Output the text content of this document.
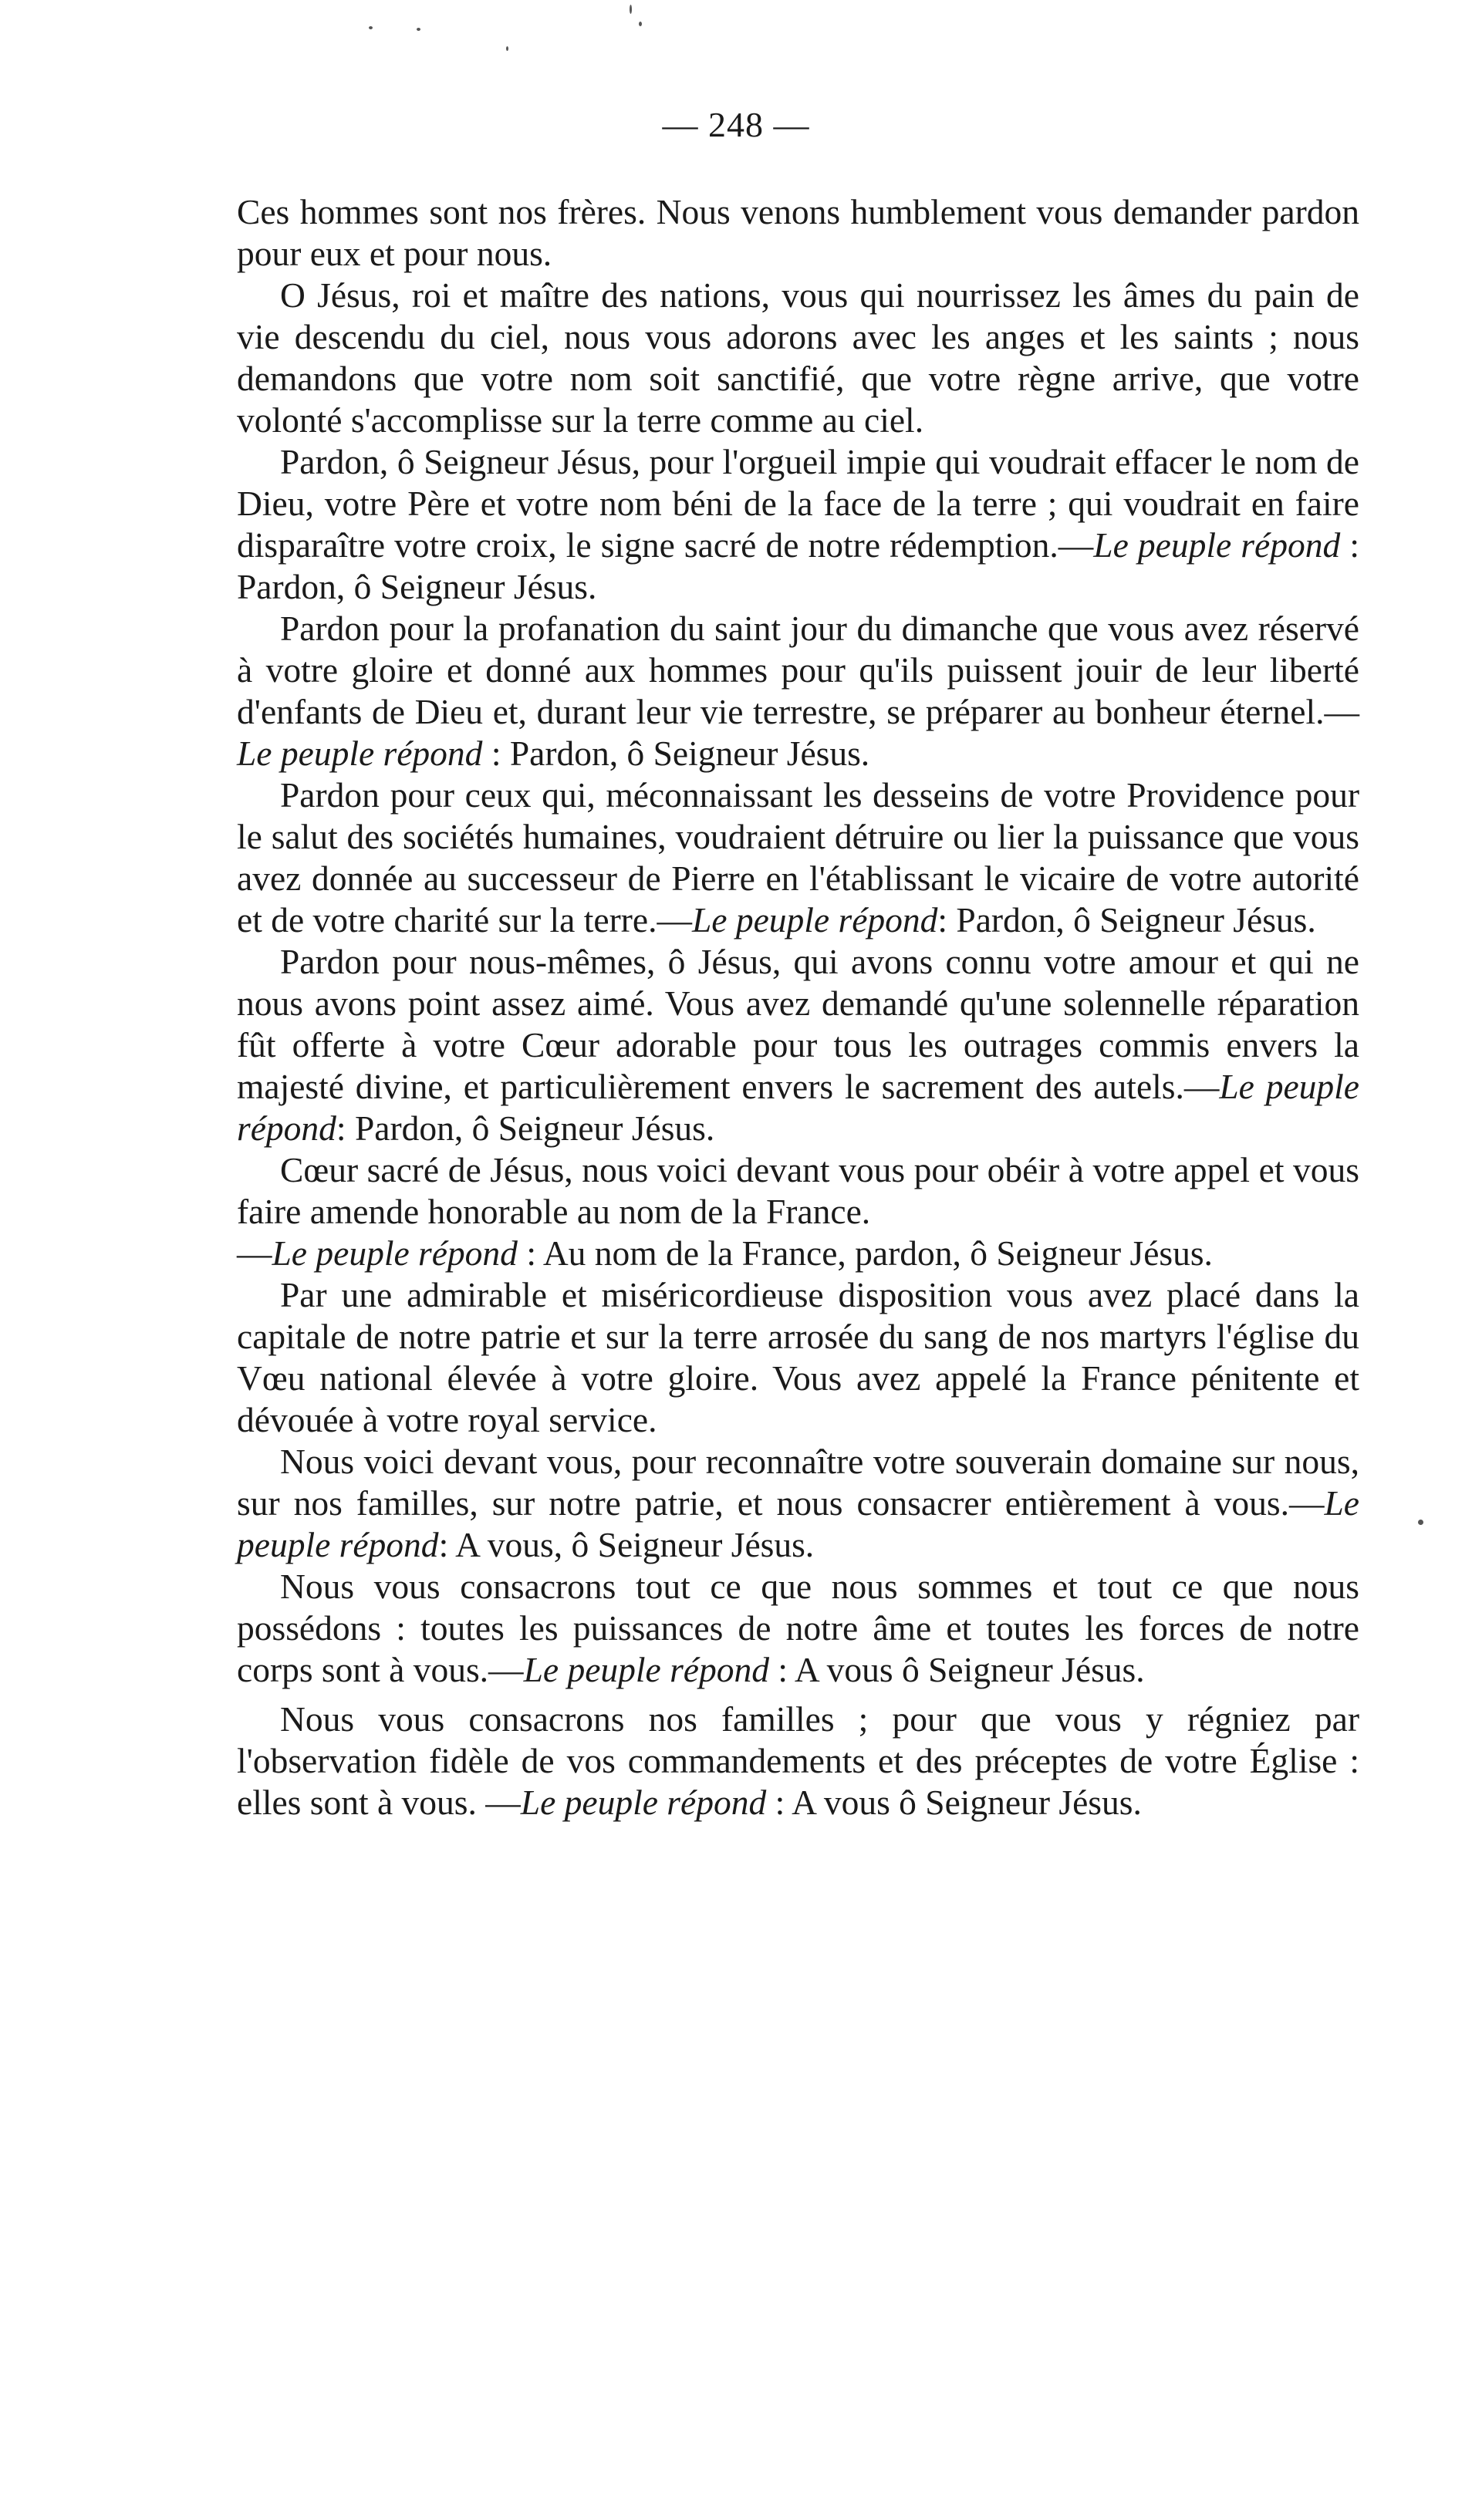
— 248 —

Ces hommes sont nos frères. Nous venons humblement vous demander pardon pour eux et pour nous.

O Jésus, roi et maître des nations, vous qui nourrissez les âmes du pain de vie descendu du ciel, nous vous adorons avec les anges et les saints ; nous demandons que votre nom soit sanctifié, que votre règne arrive, que votre volonté s'accomplisse sur la terre comme au ciel.

Pardon, ô Seigneur Jésus, pour l'orgueil impie qui voudrait effacer le nom de Dieu, votre Père et votre nom béni de la face de la terre ; qui voudrait en faire disparaître votre croix, le signe sacré de notre rédemption.—Le peuple répond : Pardon, ô Seigneur Jésus.

Pardon pour la profanation du saint jour du dimanche que vous avez réservé à votre gloire et donné aux hommes pour qu'ils puissent jouir de leur liberté d'enfants de Dieu et, durant leur vie terrestre, se préparer au bonheur éternel.—Le peuple répond : Pardon, ô Seigneur Jésus.

Pardon pour ceux qui, méconnaissant les desseins de votre Providence pour le salut des sociétés humaines, voudraient détruire ou lier la puissance que vous avez donnée au successeur de Pierre en l'établissant le vicaire de votre autorité et de votre charité sur la terre.—Le peuple répond: Pardon, ô Seigneur Jésus.

Pardon pour nous-mêmes, ô Jésus, qui avons connu votre amour et qui ne nous avons point assez aimé. Vous avez demandé qu'une solennelle réparation fût offerte à votre Cœur adorable pour tous les outrages commis envers la majesté divine, et particulièrement envers le sacrement des autels.—Le peuple répond: Pardon, ô Seigneur Jésus.

Cœur sacré de Jésus, nous voici devant vous pour obéir à votre appel et vous faire amende honorable au nom de la France.
—Le peuple répond : Au nom de la France, pardon, ô Seigneur Jésus.

Par une admirable et miséricordieuse disposition vous avez placé dans la capitale de notre patrie et sur la terre arrosée du sang de nos martyrs l'église du Vœu national élevée à votre gloire. Vous avez appelé la France pénitente et dévouée à votre royal service.

Nous voici devant vous, pour reconnaître votre souverain domaine sur nous, sur nos familles, sur notre patrie, et nous consacrer entièrement à vous.—Le peuple répond: A vous, ô Seigneur Jésus.

Nous vous consacrons tout ce que nous sommes et tout ce que nous possédons : toutes les puissances de notre âme et toutes les forces de notre corps sont à vous.—Le peuple répond : A vous ô Seigneur Jésus.

Nous vous consacrons nos familles ; pour que vous y régniez par l'observation fidèle de vos commandements et des préceptes de votre Église : elles sont à vous. —Le peuple répond : A vous ô Seigneur Jésus.
